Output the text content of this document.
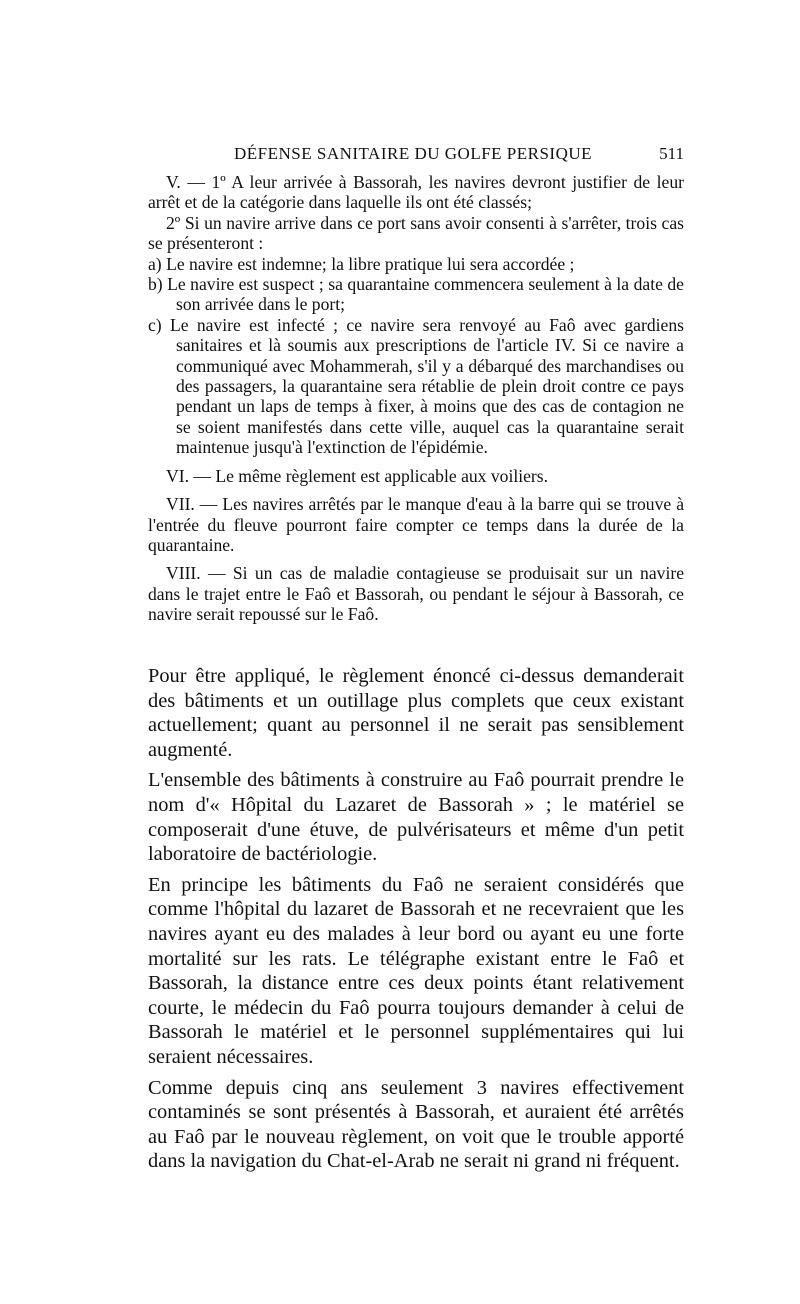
DÉFENSE SANITAIRE DU GOLFE PERSIQUE	511

V. — 1º A leur arrivée à Bassorah, les navires devront justifier de leur arrêt et de la catégorie dans laquelle ils ont été classés;

2º Si un navire arrive dans ce port sans avoir consenti à s'arrêter, trois cas se présenteront :

a) Le navire est indemne; la libre pratique lui sera accordée ;

b) Le navire est suspect ; sa quarantaine commencera seulement à la date de son arrivée dans le port;

c) Le navire est infecté ; ce navire sera renvoyé au Faô avec gardiens sanitaires et là soumis aux prescriptions de l'article IV. Si ce navire a communiqué avec Mohammerah, s'il y a débarqué des marchandises ou des passagers, la quarantaine sera rétablie de plein droit contre ce pays pendant un laps de temps à fixer, à moins que des cas de contagion ne se soient manifestés dans cette ville, auquel cas la quarantaine serait maintenue jusqu'à l'extinction de l'épidémie.

VI. — Le même règlement est applicable aux voiliers.

VII. — Les navires arrêtés par le manque d'eau à la barre qui se trouve à l'entrée du fleuve pourront faire compter ce temps dans la durée de la quarantaine.

VIII. — Si un cas de maladie contagieuse se produisait sur un navire dans le trajet entre le Faô et Bassorah, ou pendant le séjour à Bassorah, ce navire serait repoussé sur le Faô.

Pour être appliqué, le règlement énoncé ci-dessus demanderait des bâtiments et un outillage plus complets que ceux existant actuellement; quant au personnel il ne serait pas sensiblement augmenté.

L'ensemble des bâtiments à construire au Faô pourrait prendre le nom d'« Hôpital du Lazaret de Bassorah » ; le matériel se composerait d'une étuve, de pulvérisateurs et même d'un petit laboratoire de bactériologie.

En principe les bâtiments du Faô ne seraient considérés que comme l'hôpital du lazaret de Bassorah et ne recevraient que les navires ayant eu des malades à leur bord ou ayant eu une forte mortalité sur les rats. Le télégraphe existant entre le Faô et Bassorah, la distance entre ces deux points étant relativement courte, le médecin du Faô pourra toujours demander à celui de Bassorah le matériel et le personnel supplémentaires qui lui seraient nécessaires.

Comme depuis cinq ans seulement 3 navires effectivement contaminés se sont présentés à Bassorah, et auraient été arrêtés au Faô par le nouveau règlement, on voit que le trouble apporté dans la navigation du Chat-el-Arab ne serait ni grand ni fréquent.
